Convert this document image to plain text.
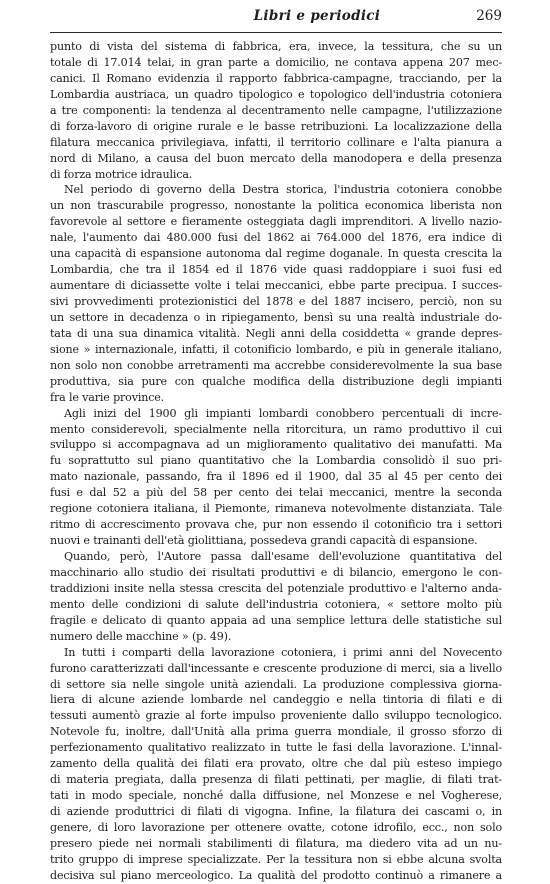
Libri e periodici	269
punto di vista del sistema di fabbrica, era, invece, la tessitura, che su un
totale di 17.014 telai, in gran parte a domicilio, ne contava appena 207 mec-
canici. Il Romano evidenzia il rapporto fabbrica-campagne, tracciando, per la
Lombardia austriaca, un quadro tipologico e topologico dell'industria cotoniera
a tre componenti: la tendenza al decentramento nelle campagne, l'utilizzazione
di forza-lavoro di origine rurale e le basse retribuzioni. La localizzazione della
filatura meccanica privilegiava, infatti, il territorio collinare e l'alta pianura a
nord di Milano, a causa del buon mercato della manodopera e della presenza
di forza motrice idraulica.
Nel periodo di governo della Destra storica, l'industria cotoniera conobbe
un non trascurabile progresso, nonostante la politica economica liberista non
favorevole al settore e fieramente osteggiata dagli imprenditori. A livello nazio-
nale, l'aumento dai 480.000 fusi del 1862 ai 764.000 del 1876, era indice di
una capacità di espansione autonoma dal regime doganale. In questa crescita la
Lombardia, che tra il 1854 ed il 1876 vide quasi raddoppiare i suoi fusi ed
aumentare di diciassette volte i telai meccanici, ebbe parte precipua. I succes-
sivi provvedimenti protezionistici del 1878 e del 1887 incisero, perciò, non su
un settore in decadenza o in ripiegamento, bensì su una realtà industriale do-
tata di una sua dinamica vitalità. Negli anni della cosiddetta « grande depres-
sione » internazionale, infatti, il cotonificio lombardo, e più in generale italiano,
non solo non conobbe arretramenti ma accrebbe considerevolmente la sua base
produttiva, sia pure con qualche modifica della distribuzione degli impianti
fra le varie province.
Agli inizi del 1900 gli impianti lombardi conobbero percentuali di incre-
mento considerevoli, specialmente nella ritorcitura, un ramo produttivo il cui
sviluppo si accompagnava ad un miglioramento qualitativo dei manufatti. Ma
fu soprattutto sul piano quantitativo che la Lombardia consolidò il suo pri-
mato nazionale, passando, fra il 1896 ed il 1900, dal 35 al 45 per cento dei
fusi e dal 52 a più del 58 per cento dei telai meccanici, mentre la seconda
regione cotoniera italiana, il Piemonte, rimaneva notevolmente distanziata. Tale
ritmo di accrescimento provava che, pur non essendo il cotonificio tra i settori
nuovi e trainanti dell'età giolittiana, possedeva grandi capacità di espansione.
Quando, però, l'Autore passa dall'esame dell'evoluzione quantitativa del
macchinario allo studio dei risultati produttivi e di bilancio, emergono le con-
traddizioni insite nella stessa crescita del potenziale produttivo e l'alterno anda-
mento delle condizioni di salute dell'industria cotoniera, « settore molto più
fragile e delicato di quanto appaia ad una semplice lettura delle statistiche sul
numero delle macchine » (p. 49).
In tutti i comparti della lavorazione cotoniera, i primi anni del Novecento
furono caratterizzati dall'incessante e crescente produzione di merci, sia a livello
di settore sia nelle singole unità aziendali. La produzione complessiva giorna-
liera di alcune aziende lombarde nel candeggio e nella tintoria di filati e di
tessuti aumentò grazie al forte impulso proveniente dallo sviluppo tecnologico.
Notevole fu, inoltre, dall'Unità alla prima guerra mondiale, il grosso sforzo di
perfezionamento qualitativo realizzato in tutte le fasi della lavorazione. L'innal-
zamento della qualità dei filati era provato, oltre che dal più esteso impiego
di materia pregiata, dalla presenza di filati pettinati, per maglie, di filati trat-
tati in modo speciale, nonché dalla diffusione, nel Monzese e nel Vogherese,
di aziende produttrici di filati di vigogna. Infine, la filatura dei cascami o, in
genere, di loro lavorazione per ottenere ovatte, cotone idrofilo, ecc., non solo
presero piede nei normali stabilimenti di filatura, ma diedero vita ad un nu-
trito gruppo di imprese specializzate. Per la tessitura non si ebbe alcuna svolta
decisiva sul piano merceologico. La qualità del prodotto continuò a rimanere a
